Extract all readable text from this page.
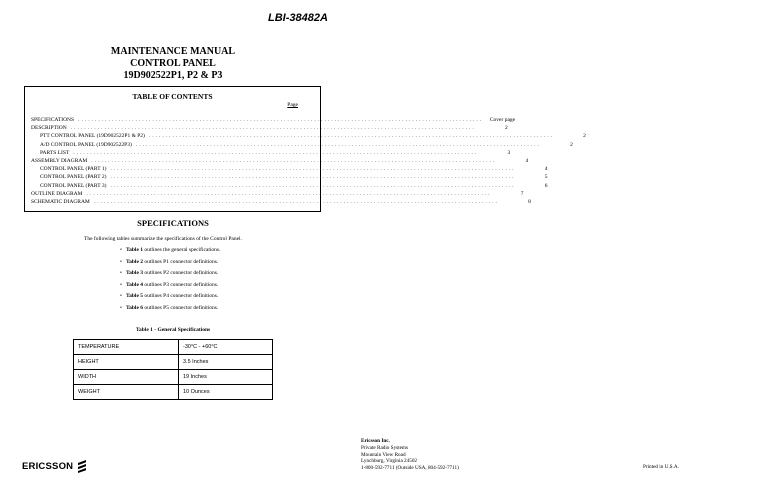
LBI-38482A
MAINTENANCE MANUAL
CONTROL PANEL
19D902522P1, P2 & P3
TABLE OF CONTENTS
Page
SPECIFICATIONS ........................................................................................................................	Cover page
DESCRIPTION ........................................................................................................................	2
PTT CONTROL PANEL (19D902522P1 & P2) ........................................................................................................................	2
A/D CONTROL PANEL (19D902522P3) ........................................................................................................................	2
PARTS LIST ........................................................................................................................	3
ASSEMBLY DIAGRAM ........................................................................................................................	4
CONTROL PANEL (PART 1) ........................................................................................................................	4
CONTROL PANEL (PART 2) ........................................................................................................................	5
CONTROL PANEL (PART 3) ........................................................................................................................	6
OUTLINE DIAGRAM ........................................................................................................................	7
SCHEMATIC DIAGRAM ........................................................................................................................	8
SPECIFICATIONS
The following tables summarize the specifications of the Control Panel.
• Table 1 outlines the general specifications.
• Table 2 outlines P1 connector definitions.
• Table 3 outlines P2 connector definitions.
• Table 4 outlines P3 connector definitions.
• Table 5 outlines P4 connector definitions.
• Table 6 outlines P5 connector definitions.
Table 1 - General Specifications
TEMPERATURE	-30°C - +60°C
HEIGHT	3.5 Inches
WIDTH	19 Inches
WEIGHT	10 Ounces
Ericsson Inc.
Private Radio Systems
Mountain View Road
Lynchburg, Virginia 24502
1-800-592-7711 (Outside USA, 804-592-7711)	Printed in U.S.A.
ERICSSON
